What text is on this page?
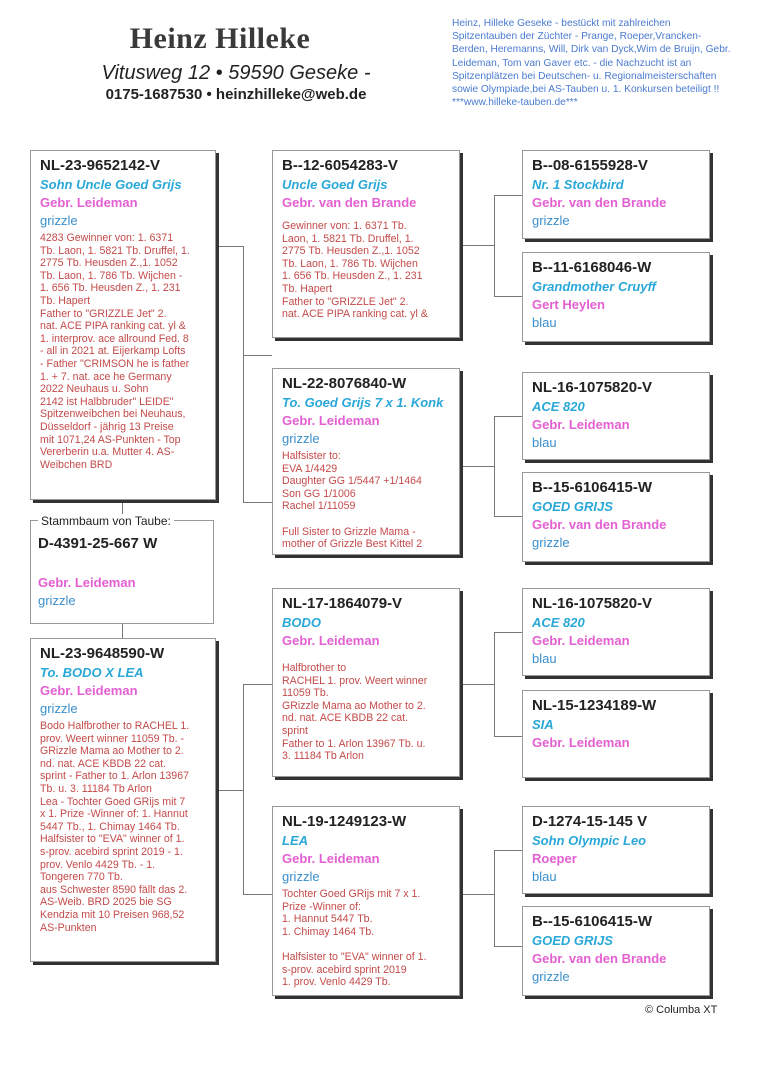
Heinz Hilleke
Vitusweg 12 • 59590 Geseke -
0175-1687530 • heinzhilleke@web.de
Heinz, Hilleke Geseke - bestückt mit zahlreichen Spitzentauben der Züchter - Prange, Roeper,Vrancken-Berden, Heremanns, Will, Dirk van Dyck,Wim de Bruijn, Gebr. Leideman, Tom van Gaver etc. - die Nachzucht ist an Spitzenplätzen bei Deutschen- u. Regionalmeisterschaften sowie Olympiade,bei AS-Tauben u. 1. Konkursen beteiligt !! ***www.hilleke-tauben.de***
D-4391-25-667 W
Gebr. Leideman
grizzle
Stammbaum von Taube:
NL-23-9652142-V
Sohn Uncle Goed Grijs
Gebr. Leideman
grizzle
4283 Gewinner von: 1. 6371
Tb. Laon, 1. 5821 Tb. Druffel, 1.
2775 Tb. Heusden Z.,1. 1052
Tb. Laon, 1. 786 Tb. Wijchen -
1. 656 Tb. Heusden Z., 1. 231
Tb. Hapert
Father to "GRIZZLE Jet" 2.
nat. ACE PIPA ranking cat. yl &
1. interprov. ace allround Fed. 8
- all in 2021 at. Eijerkamp Lofts
- Father "CRIMSON he is father
1. + 7. nat. ace he Germany
2022 Neuhaus u. Sohn
2142 ist Halbbruder" LEIDE"
Spitzenweibchen bei Neuhaus,
Düsseldorf - jährig 13 Preise
mit 1071,24 AS-Punkten - Top
Vererberin u.a. Mutter 4. AS-
Weibchen BRD
NL-23-9648590-W
To. BODO X LEA
Gebr. Leideman
grizzle
Bodo Halfbrother to RACHEL 1.
prov. Weert winner 11059 Tb. -
GRizzle Mama ao Mother to 2.
nd. nat. ACE KBDB 22 cat.
sprint - Father to 1. Arlon 13967
Tb. u. 3. 11184 Tb Arlon
Lea - Tochter Goed GRijs mit 7
x 1. Prize -Winner of: 1. Hannut
5447 Tb., 1. Chimay 1464 Tb.
Halfsister to "EVA" winner of 1.
s-prov. acebird sprint 2019 - 1.
prov. Venlo 4429 Tb. - 1.
Tongeren 770 Tb.
aus Schwester 8590 fällt das 2.
AS-Weib. BRD 2025 bie SG
Kendzia mit 10 Preisen 968,52
AS-Punkten
B--12-6054283-V
Uncle Goed Grijs
Gebr. van den Brande
Gewinner von: 1. 6371 Tb.
Laon, 1. 5821 Tb. Druffel, 1.
2775 Tb. Heusden Z.,1. 1052
Tb. Laon, 1. 786 Tb. Wijchen
1. 656 Tb. Heusden Z., 1. 231
Tb. Hapert
Father to "GRIZZLE Jet" 2.
nat. ACE PIPA ranking cat. yl &
NL-22-8076840-W
To. Goed Grijs 7 x 1. Konk
Gebr. Leideman
grizzle
Halfsister to:
EVA 1/4429
Daughter GG 1/5447 +1/1464
Son GG 1/1006
Rachel 1/11059

Full Sister to Grizzle Mama -
mother of Grizzle Best Kittel 2
NL-17-1864079-V
BODO
Gebr. Leideman
Halfbrother to
RACHEL 1. prov. Weert winner
11059 Tb.
GRizzle Mama ao Mother to 2.
nd. nat. ACE KBDB 22 cat.
sprint
Father to 1. Arlon 13967 Tb. u.
3. 11184 Tb Arlon
NL-19-1249123-W
LEA
Gebr. Leideman
grizzle
Tochter Goed GRijs mit 7 x 1.
Prize -Winner of:
1. Hannut 5447 Tb.
1. Chimay 1464 Tb.

Halfsister to "EVA" winner of 1.
s-prov. acebird sprint 2019
1. prov. Venlo 4429 Tb.
B--08-6155928-V
Nr. 1 Stockbird
Gebr. van den Brande
grizzle
B--11-6168046-W
Grandmother Cruyff
Gert Heylen
blau
NL-16-1075820-V
ACE 820
Gebr. Leideman
blau
B--15-6106415-W
GOED GRIJS
Gebr. van den Brande
grizzle
NL-16-1075820-V
ACE 820
Gebr. Leideman
blau
NL-15-1234189-W
SIA
Gebr. Leideman
D-1274-15-145 V
Sohn Olympic Leo
Roeper
blau
B--15-6106415-W
GOED GRIJS
Gebr. van den Brande
grizzle
© Columba XT
